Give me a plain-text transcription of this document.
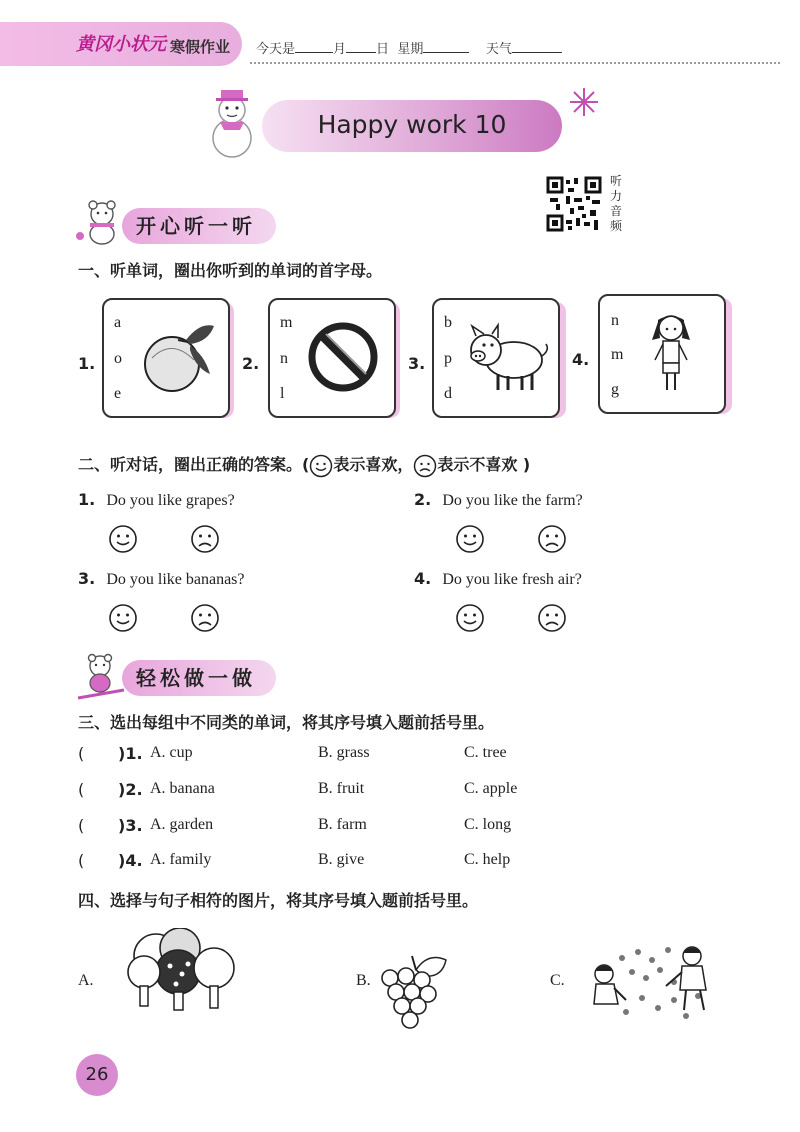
黄冈小状元 寒假作业 今天是	月 日 星期	天气
Happy work 10
听
力
音
频
开心听一听
一、听单词，圈出你听到的单词的首字母。
1.
a
o
e
2.
m
n
l
3.
b
p
d
4.
n
m
g
二、听对话，圈出正确的答案。( 表示喜欢， 表示不喜欢 )
1. Do you like grapes?	2. Do you like the farm?
3. Do you like bananas?	4. Do you like fresh air?
轻松做一做
三、选出每组中不同类的单词，将其序号填入题前括号里。
( )1. A. cup	B. grass	C. tree
( )2. A. banana	B. fruit	C. apple
( )3. A. garden	B. farm	C. long
( )4. A. family	B. give	C. help
四、选择与句子相符的图片，将其序号填入题前括号里。
A.	B.	C.
26
